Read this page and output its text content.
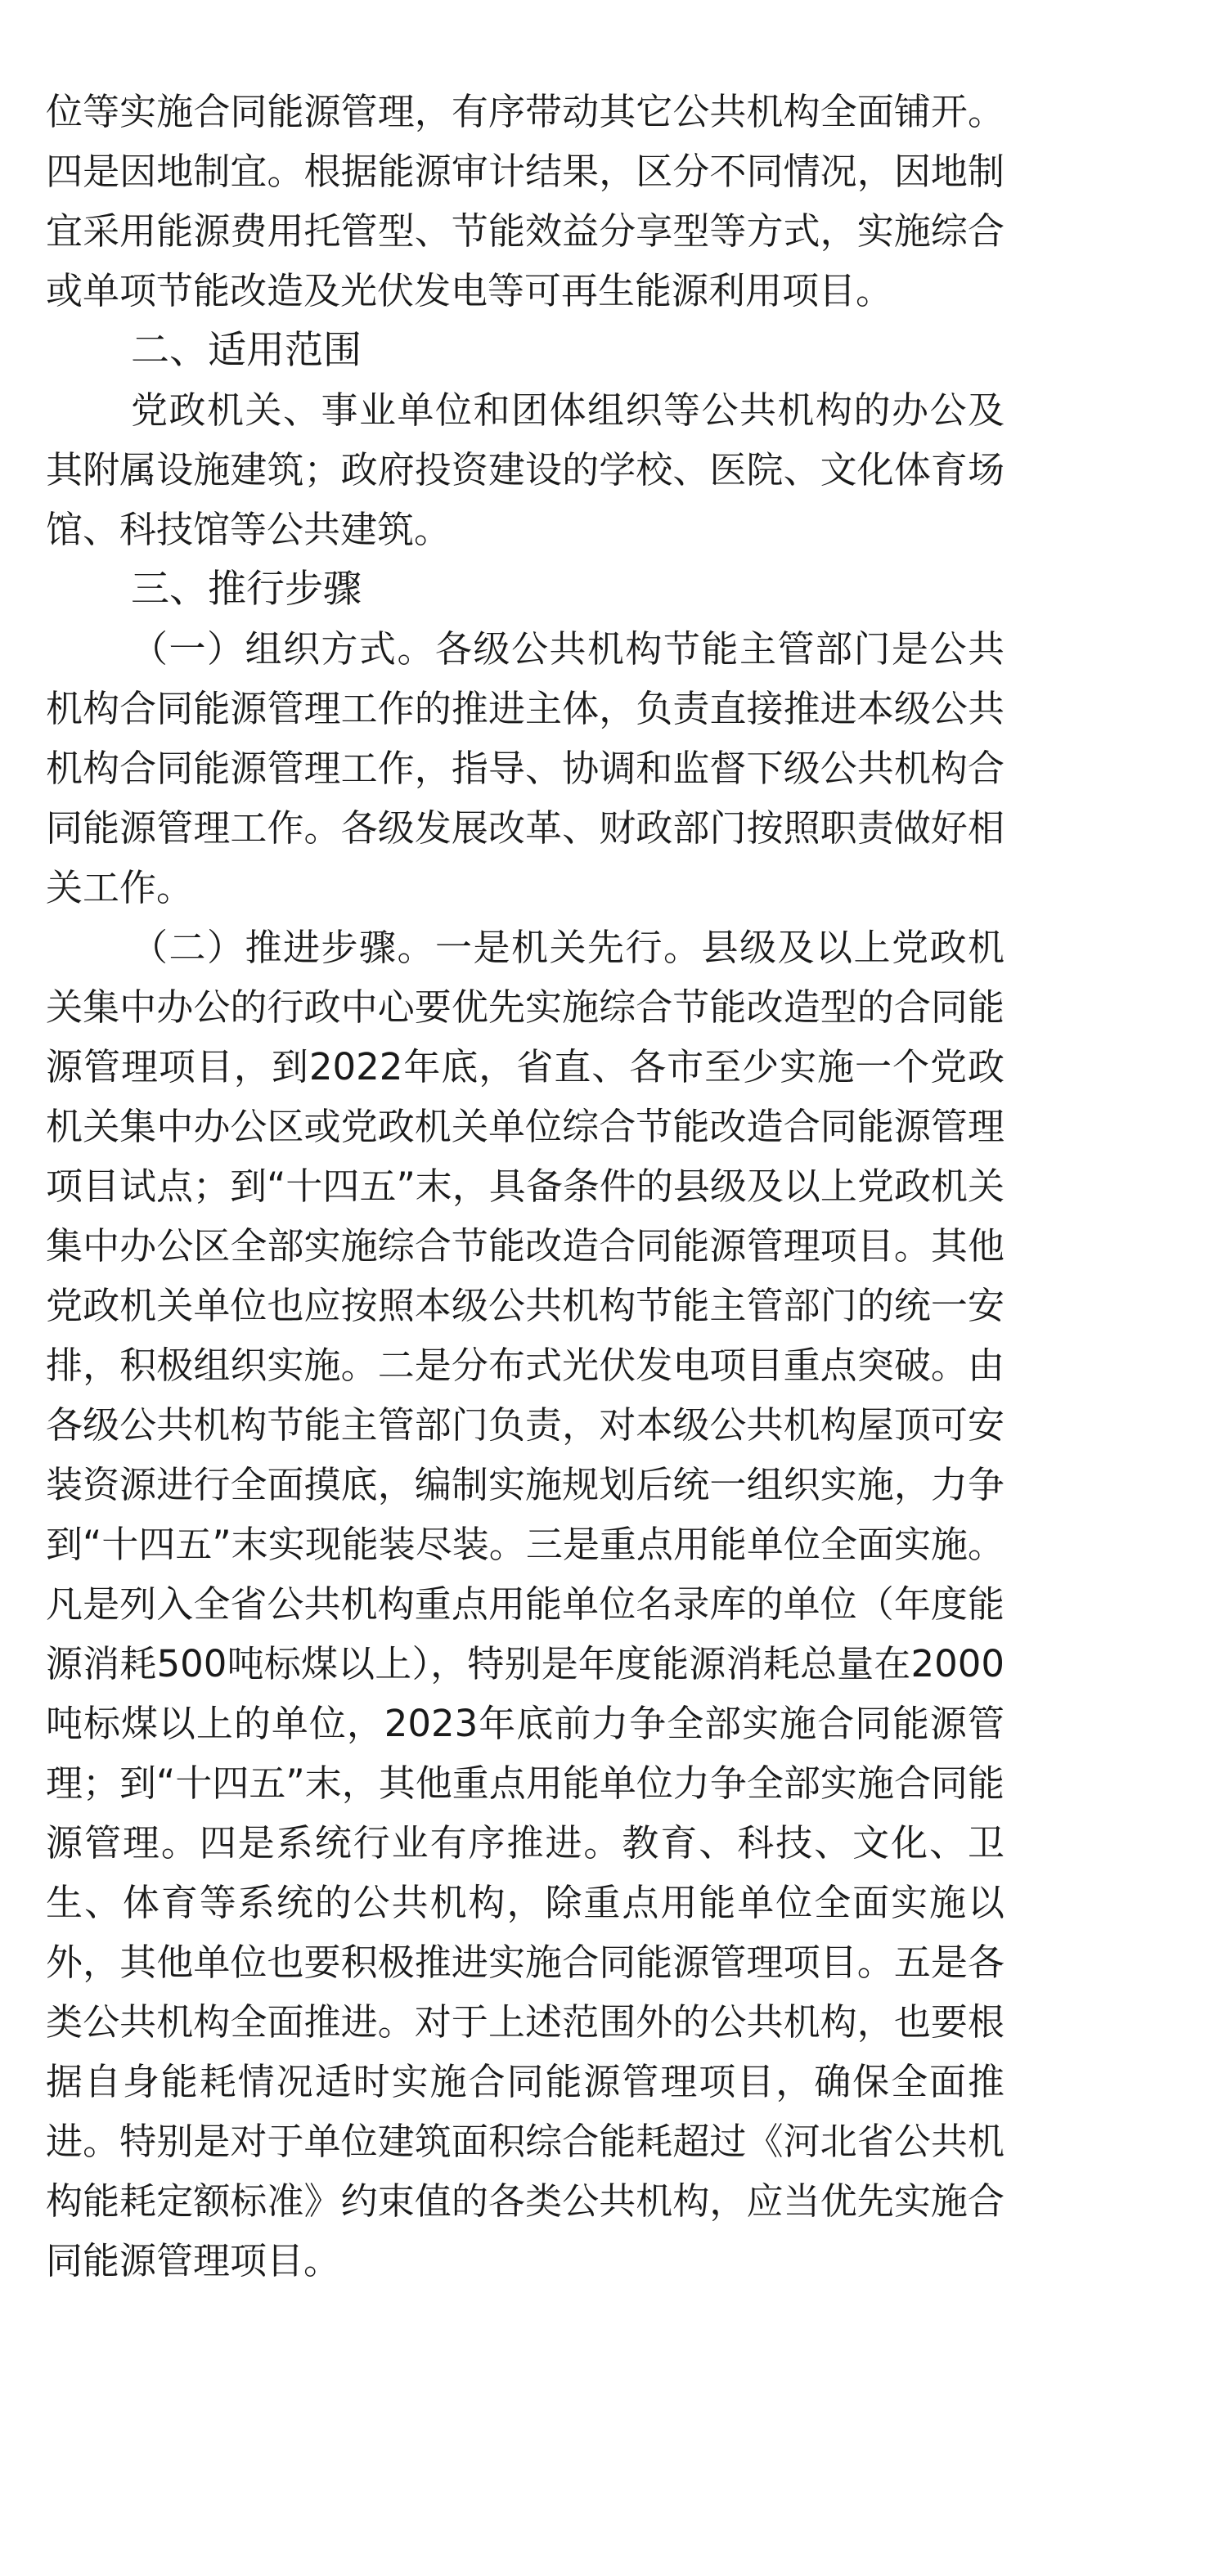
位等实施合同能源管理，有序带动其它公共机构全面铺开。四是因地制宜。根据能源审计结果，区分不同情况，因地制宜采用能源费用托管型、节能效益分享型等方式，实施综合或单项节能改造及光伏发电等可再生能源利用项目。

二、适用范围

党政机关、事业单位和团体组织等公共机构的办公及其附属设施建筑；政府投资建设的学校、医院、文化体育场馆、科技馆等公共建筑。

三、推行步骤

（一）组织方式。各级公共机构节能主管部门是公共机构合同能源管理工作的推进主体，负责直接推进本级公共机构合同能源管理工作，指导、协调和监督下级公共机构合同能源管理工作。各级发展改革、财政部门按照职责做好相关工作。

（二）推进步骤。一是机关先行。县级及以上党政机关集中办公的行政中心要优先实施综合节能改造型的合同能源管理项目，到2022年底，省直、各市至少实施一个党政机关集中办公区或党政机关单位综合节能改造合同能源管理项目试点；到“十四五”末，具备条件的县级及以上党政机关集中办公区全部实施综合节能改造合同能源管理项目。其他党政机关单位也应按照本级公共机构节能主管部门的统一安排，积极组织实施。二是分布式光伏发电项目重点突破。由各级公共机构节能主管部门负责，对本级公共机构屋顶可安装资源进行全面摸底，编制实施规划后统一组织实施，力争到“十四五”末实现能装尽装。三是重点用能单位全面实施。凡是列入全省公共机构重点用能单位名录库的单位（年度能源消耗500吨标煤以上），特别是年度能源消耗总量在2000吨标煤以上的单位，2023年底前力争全部实施合同能源管理；到“十四五”末，其他重点用能单位力争全部实施合同能源管理。四是系统行业有序推进。教育、科技、文化、卫生、体育等系统的公共机构，除重点用能单位全面实施以外，其他单位也要积极推进实施合同能源管理项目。五是各类公共机构全面推进。对于上述范围外的公共机构，也要根据自身能耗情况适时实施合同能源管理项目，确保全面推进。特别是对于单位建筑面积综合能耗超过《河北省公共机构能耗定额标准》约束值的各类公共机构，应当优先实施合同能源管理项目。
